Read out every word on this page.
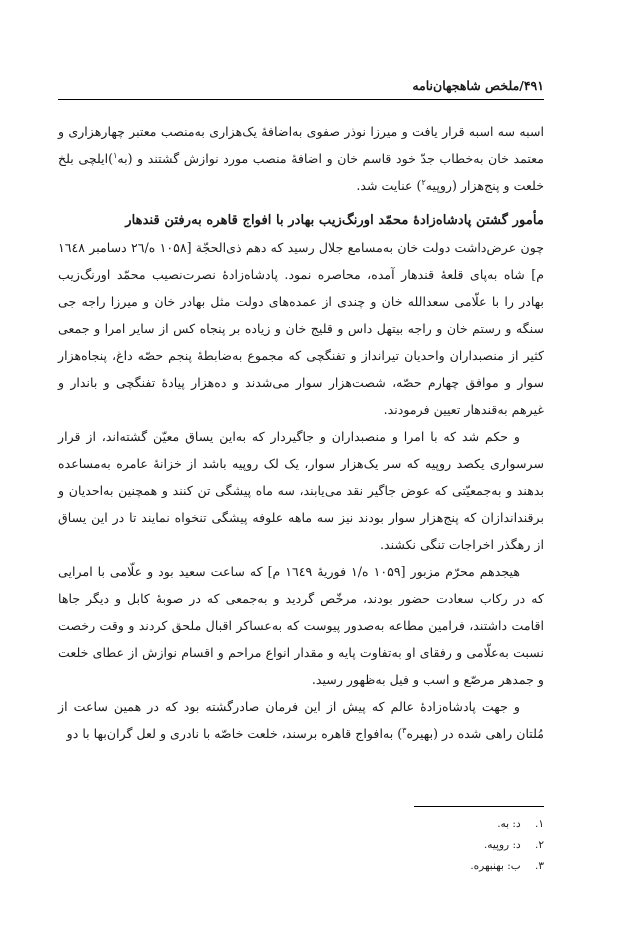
۴۹۱/ملخص شاهجهان‌نامه

اسبه سه اسبه قرار یافت و میرزا نوذر صفوی به‌اضافهٔ یک‌هزاری به‌منصب معتبر چهارهزاری و معتمد خان به‌خطاب جدّ خود قاسم خان و اضافهٔ منصب مورد نوازش گشتند و (به$^۱$)ایلچی بلخ خلعت و پنج‌هزار (روپیه$^۲$) عنایت شد.

مأمور گشتن پادشاه‌زادهٔ محمّد اورنگ‌زیب بهادر با افواج قاهره به‌رفتن قندهار

چون عرض‌داشت دولت خان به‌مسامع جلال رسید که دهم ذی‌الحجّة [۱۰۵۸ ه‌/۲٦ دسامبر ۱٦٤۸ م] شاه به‌پای قلعهٔ قندهار آمده، محاصره نمود. پادشاه‌زادهٔ نصرت‌نصیب محمّد اورنگ‌زیب بهادر را با علّامی سعدالله خان و چندی از عمده‌های دولت مثل بهادر خان و میرزا راجه جی سنگه و رستم خان و راجه بیتهل داس و قلیج خان و زیاده بر پنجاه کس از سایر امرا و جمعی کثیر از منصبداران واحدیان تیرانداز و تفنگچی که مجموع به‌ضابطهٔ پنجم حصّه داغ، پنجاه‌هزار سوار و موافق چهارم حصّه، شصت‌هزار سوار می‌شدند و ده‌هزار پیادهٔ تفنگچی و باندار و غیرهم به‌قندهار تعیین فرمودند.

و حکم شد که با امرا و منصبداران و جاگیردار که به‌این یساق معیّن گشته‌اند، از قرار سرسواری یکصد روپیه که سر یک‌هزار سوار، یک لک روپیه باشد از خزانهٔ عامره به‌مساعده بدهند و به‌جمعیّتی که عوض جاگیر نقد می‌یابند، سه ماه پیشگی تن کنند و همچنین به‌احدیان و برقنداندازان که پنج‌هزار سوار بودند نیز سه ماهه علوفه پیشگی تنخواه نمایند تا در این یساق از رهگذر اخراجات تنگی نکشند.

هیجدهم محرّم مزبور [۱۰۵۹ ه‌/۱ فوریهٔ ۱٦٤۹ م] که ساعت سعید بود و علّامی با امرایی که در رکاب سعادت حضور بودند، مرخّص گردید و به‌جمعی که در صوبهٔ کابل و دیگر جاها اقامت داشتند، فرامین مطاعه به‌صدور پیوست که به‌عساکر اقبال ملحق کردند و وقت رخصت نسبت به‌علّامی و رفقای او به‌تفاوت پایه و مقدار انواع مراحم و اقسام نوازش از عطای خلعت و جمدهر مرصّع و اسب و فیل به‌ظهور رسید.

و جهت پادشاه‌زادهٔ عالم که پیش از این فرمان صادرگشته بود که در همین ساعت از مُلتان راهی شده در (بهیره$^۳$) به‌افواج قاهره برسند، خلعت خاصّه با نادری و لعل گران‌بها با دو

۱. د: به.

۲. د: روپیه.

۳. ب: بهنبهره.
